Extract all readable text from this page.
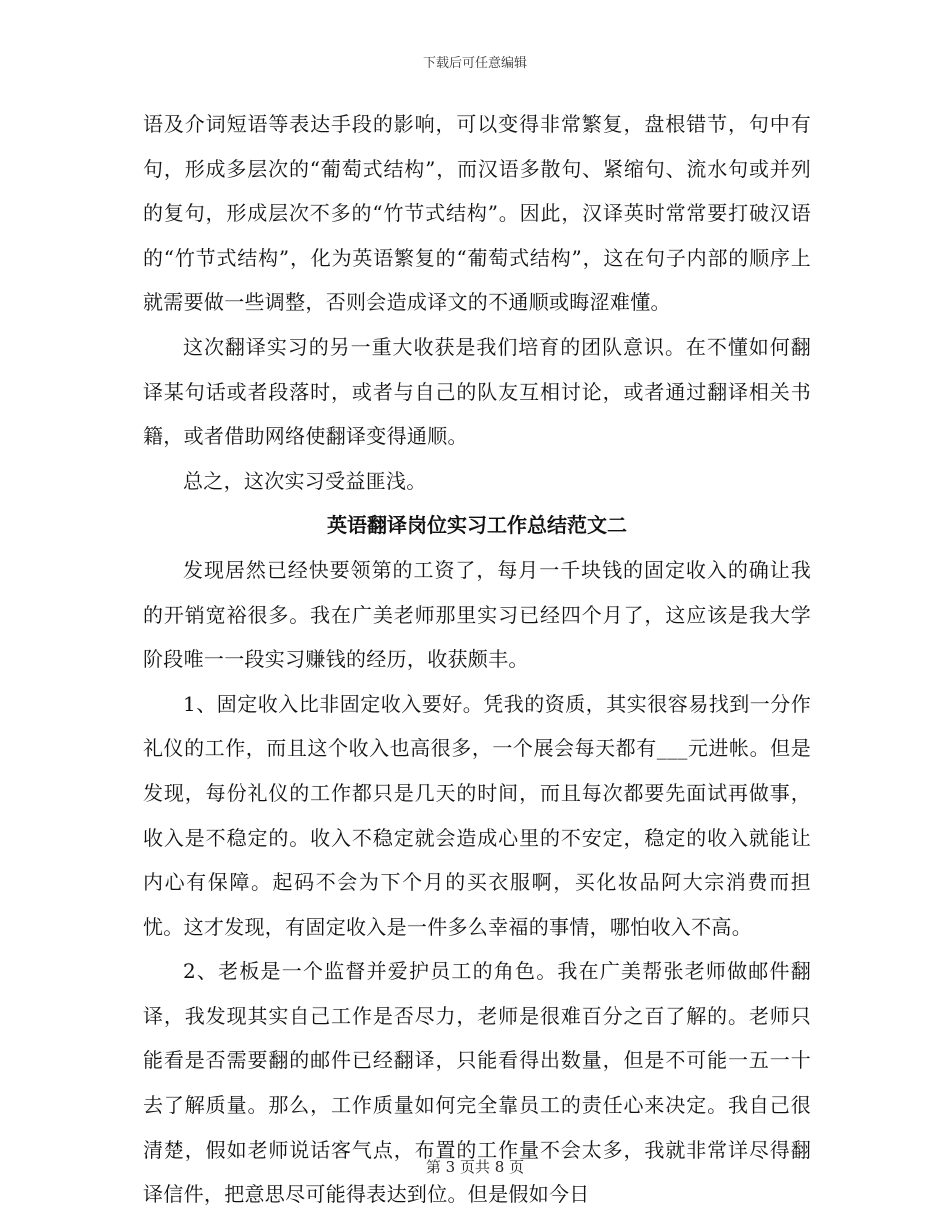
下载后可任意编辑

语及介词短语等表达手段的影响，可以变得非常繁复，盘根错节，句中有句，形成多层次的“葡萄式结构”，而汉语多散句、紧缩句、流水句或并列的复句，形成层次不多的“竹节式结构”。因此，汉译英时常常要打破汉语的“竹节式结构”，化为英语繁复的“葡萄式结构”，这在句子内部的顺序上就需要做一些调整，否则会造成译文的不通顺或晦涩难懂。

这次翻译实习的另一重大收获是我们培育的团队意识。在不懂如何翻译某句话或者段落时，或者与自己的队友互相讨论，或者通过翻译相关书籍，或者借助网络使翻译变得通顺。

总之，这次实习受益匪浅。

英语翻译岗位实习工作总结范文二

发现居然已经快要领第的工资了，每月一千块钱的固定收入的确让我的开销宽裕很多。我在广美老师那里实习已经四个月了，这应该是我大学阶段唯一一段实习赚钱的经历，收获颇丰。

1、固定收入比非固定收入要好。凭我的资质，其实很容易找到一分作礼仪的工作，而且这个收入也高很多，一个展会每天都有___元进帐。但是发现，每份礼仪的工作都只是几天的时间，而且每次都要先面试再做事，收入是不稳定的。收入不稳定就会造成心里的不安定，稳定的收入就能让内心有保障。起码不会为下个月的买衣服啊，买化妆品阿大宗消费而担忧。这才发现，有固定收入是一件多么幸福的事情，哪怕收入不高。

2、老板是一个监督并爱护员工的角色。我在广美帮张老师做邮件翻译，我发现其实自己工作是否尽力，老师是很难百分之百了解的。老师只能看是否需要翻的邮件已经翻译，只能看得出数量，但是不可能一五一十去了解质量。那么，工作质量如何完全靠员工的责任心来决定。我自己很清楚，假如老师说话客气点，布置的工作量不会太多，我就非常详尽得翻译信件，把意思尽可能得表达到位。但是假如今日

第 3 页共 8 页
